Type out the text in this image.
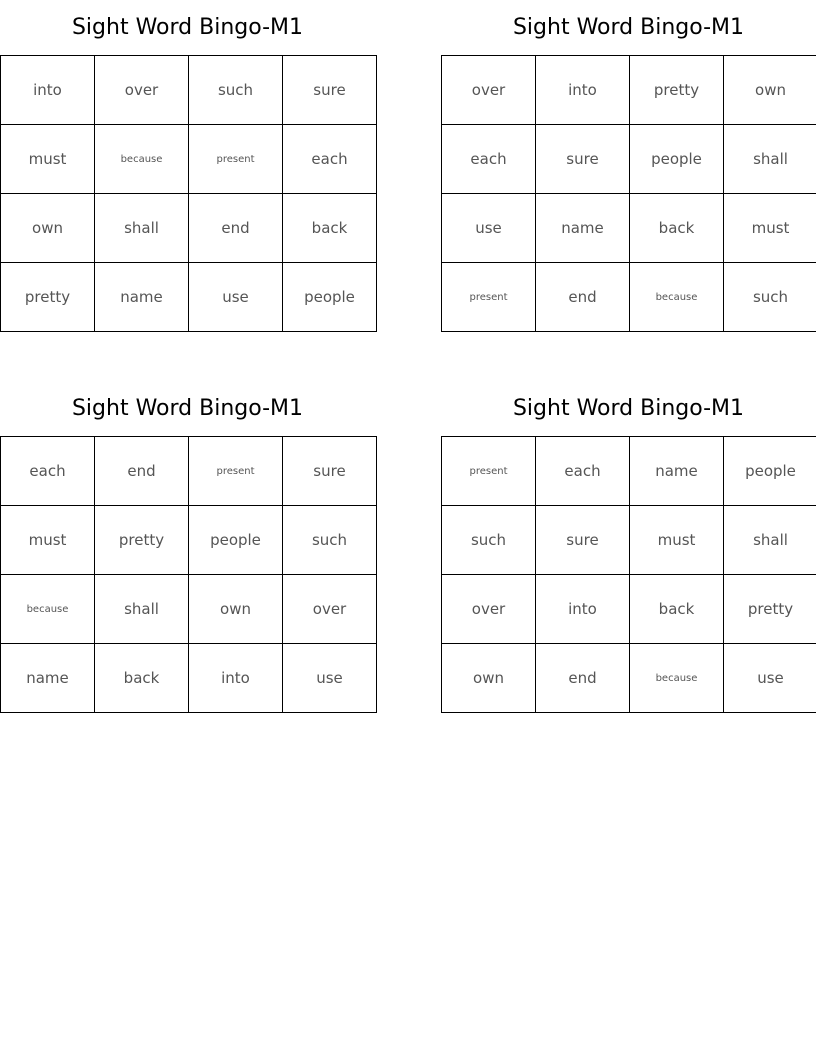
Sight Word Bingo-M1
into	over	such	sure
must	because	present	each
own	shall	end	back
pretty	name	use	people
Sight Word Bingo-M1
over	into	pretty	own
each	sure	people	shall
use	name	back	must
present	end	because	such
Sight Word Bingo-M1
each	end	present	sure
must	pretty	people	such
because	shall	own	over
name	back	into	use
Sight Word Bingo-M1
present	each	name	people
such	sure	must	shall
over	into	back	pretty
own	end	because	use
